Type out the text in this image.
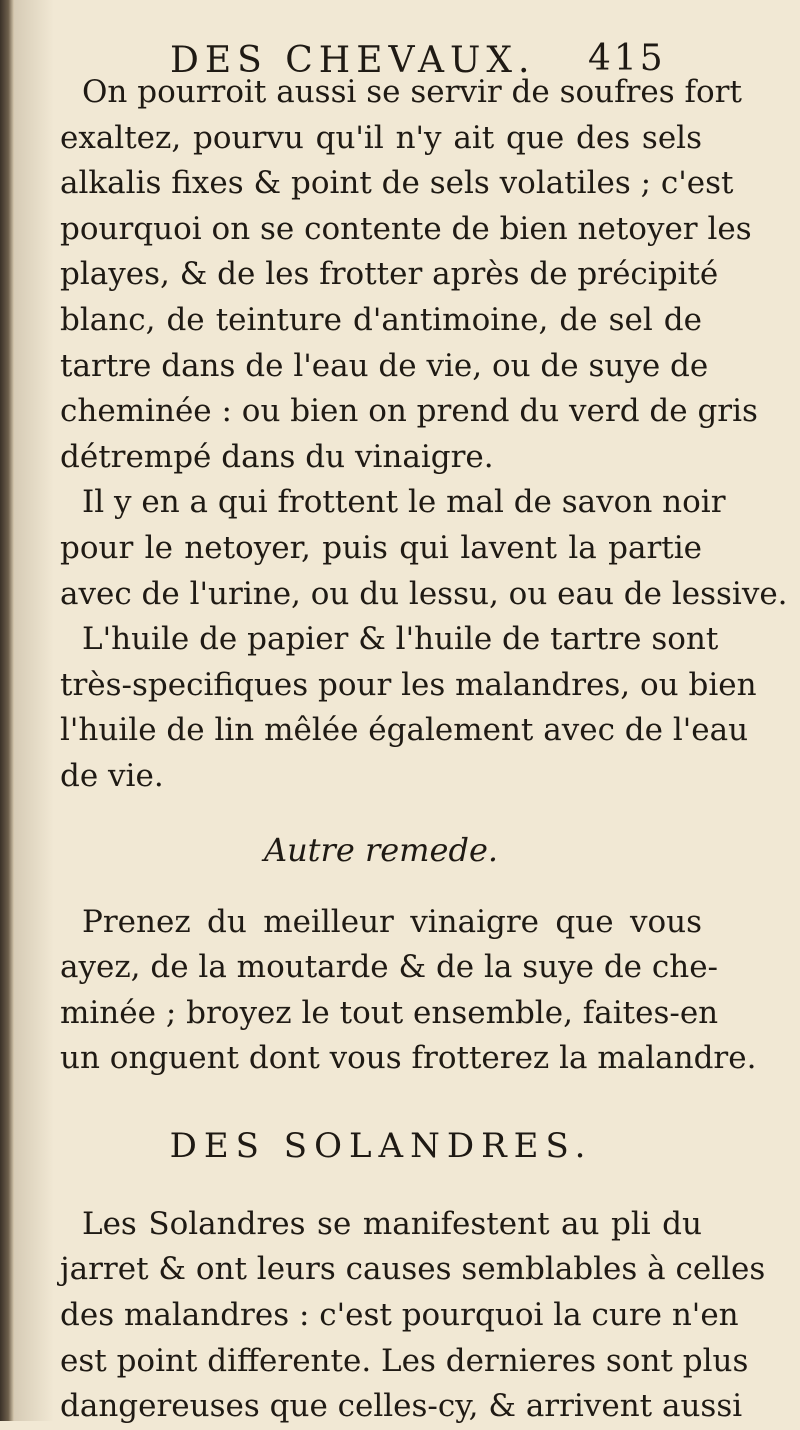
DES CHEVAUX. 415
On pourroit aussi se servir de soufres fort
exaltez, pourvu qu'il n'y ait que des sels
alkalis fixes & point de sels volatiles ; c'est
pourquoi on se contente de bien netoyer les
playes, & de les frotter après de précipité
blanc, de teinture d'antimoine, de sel de
tartre dans de l'eau de vie, ou de suye de
cheminée : ou bien on prend du verd de gris
détrempé dans du vinaigre.
Il y en a qui frottent le mal de savon noir
pour le netoyer, puis qui lavent la partie
avec de l'urine, ou du lessu, ou eau de lessive.
L'huile de papier & l'huile de tartre sont
très-specifiques pour les malandres, ou bien
l'huile de lin mêlée également avec de l'eau
de vie.
Autre remede.
Prenez du meilleur vinaigre que vous
ayez, de la moutarde & de la suye de che-
minée ; broyez le tout ensemble, faites-en
un onguent dont vous frotterez la malandre.
DES SOLANDRES.
Les Solandres se manifestent au pli du
jarret & ont leurs causes semblables à celles
des malandres : c'est pourquoi la cure n'en
est point differente. Les dernieres sont plus
dangereuses que celles-cy, & arrivent aussi
